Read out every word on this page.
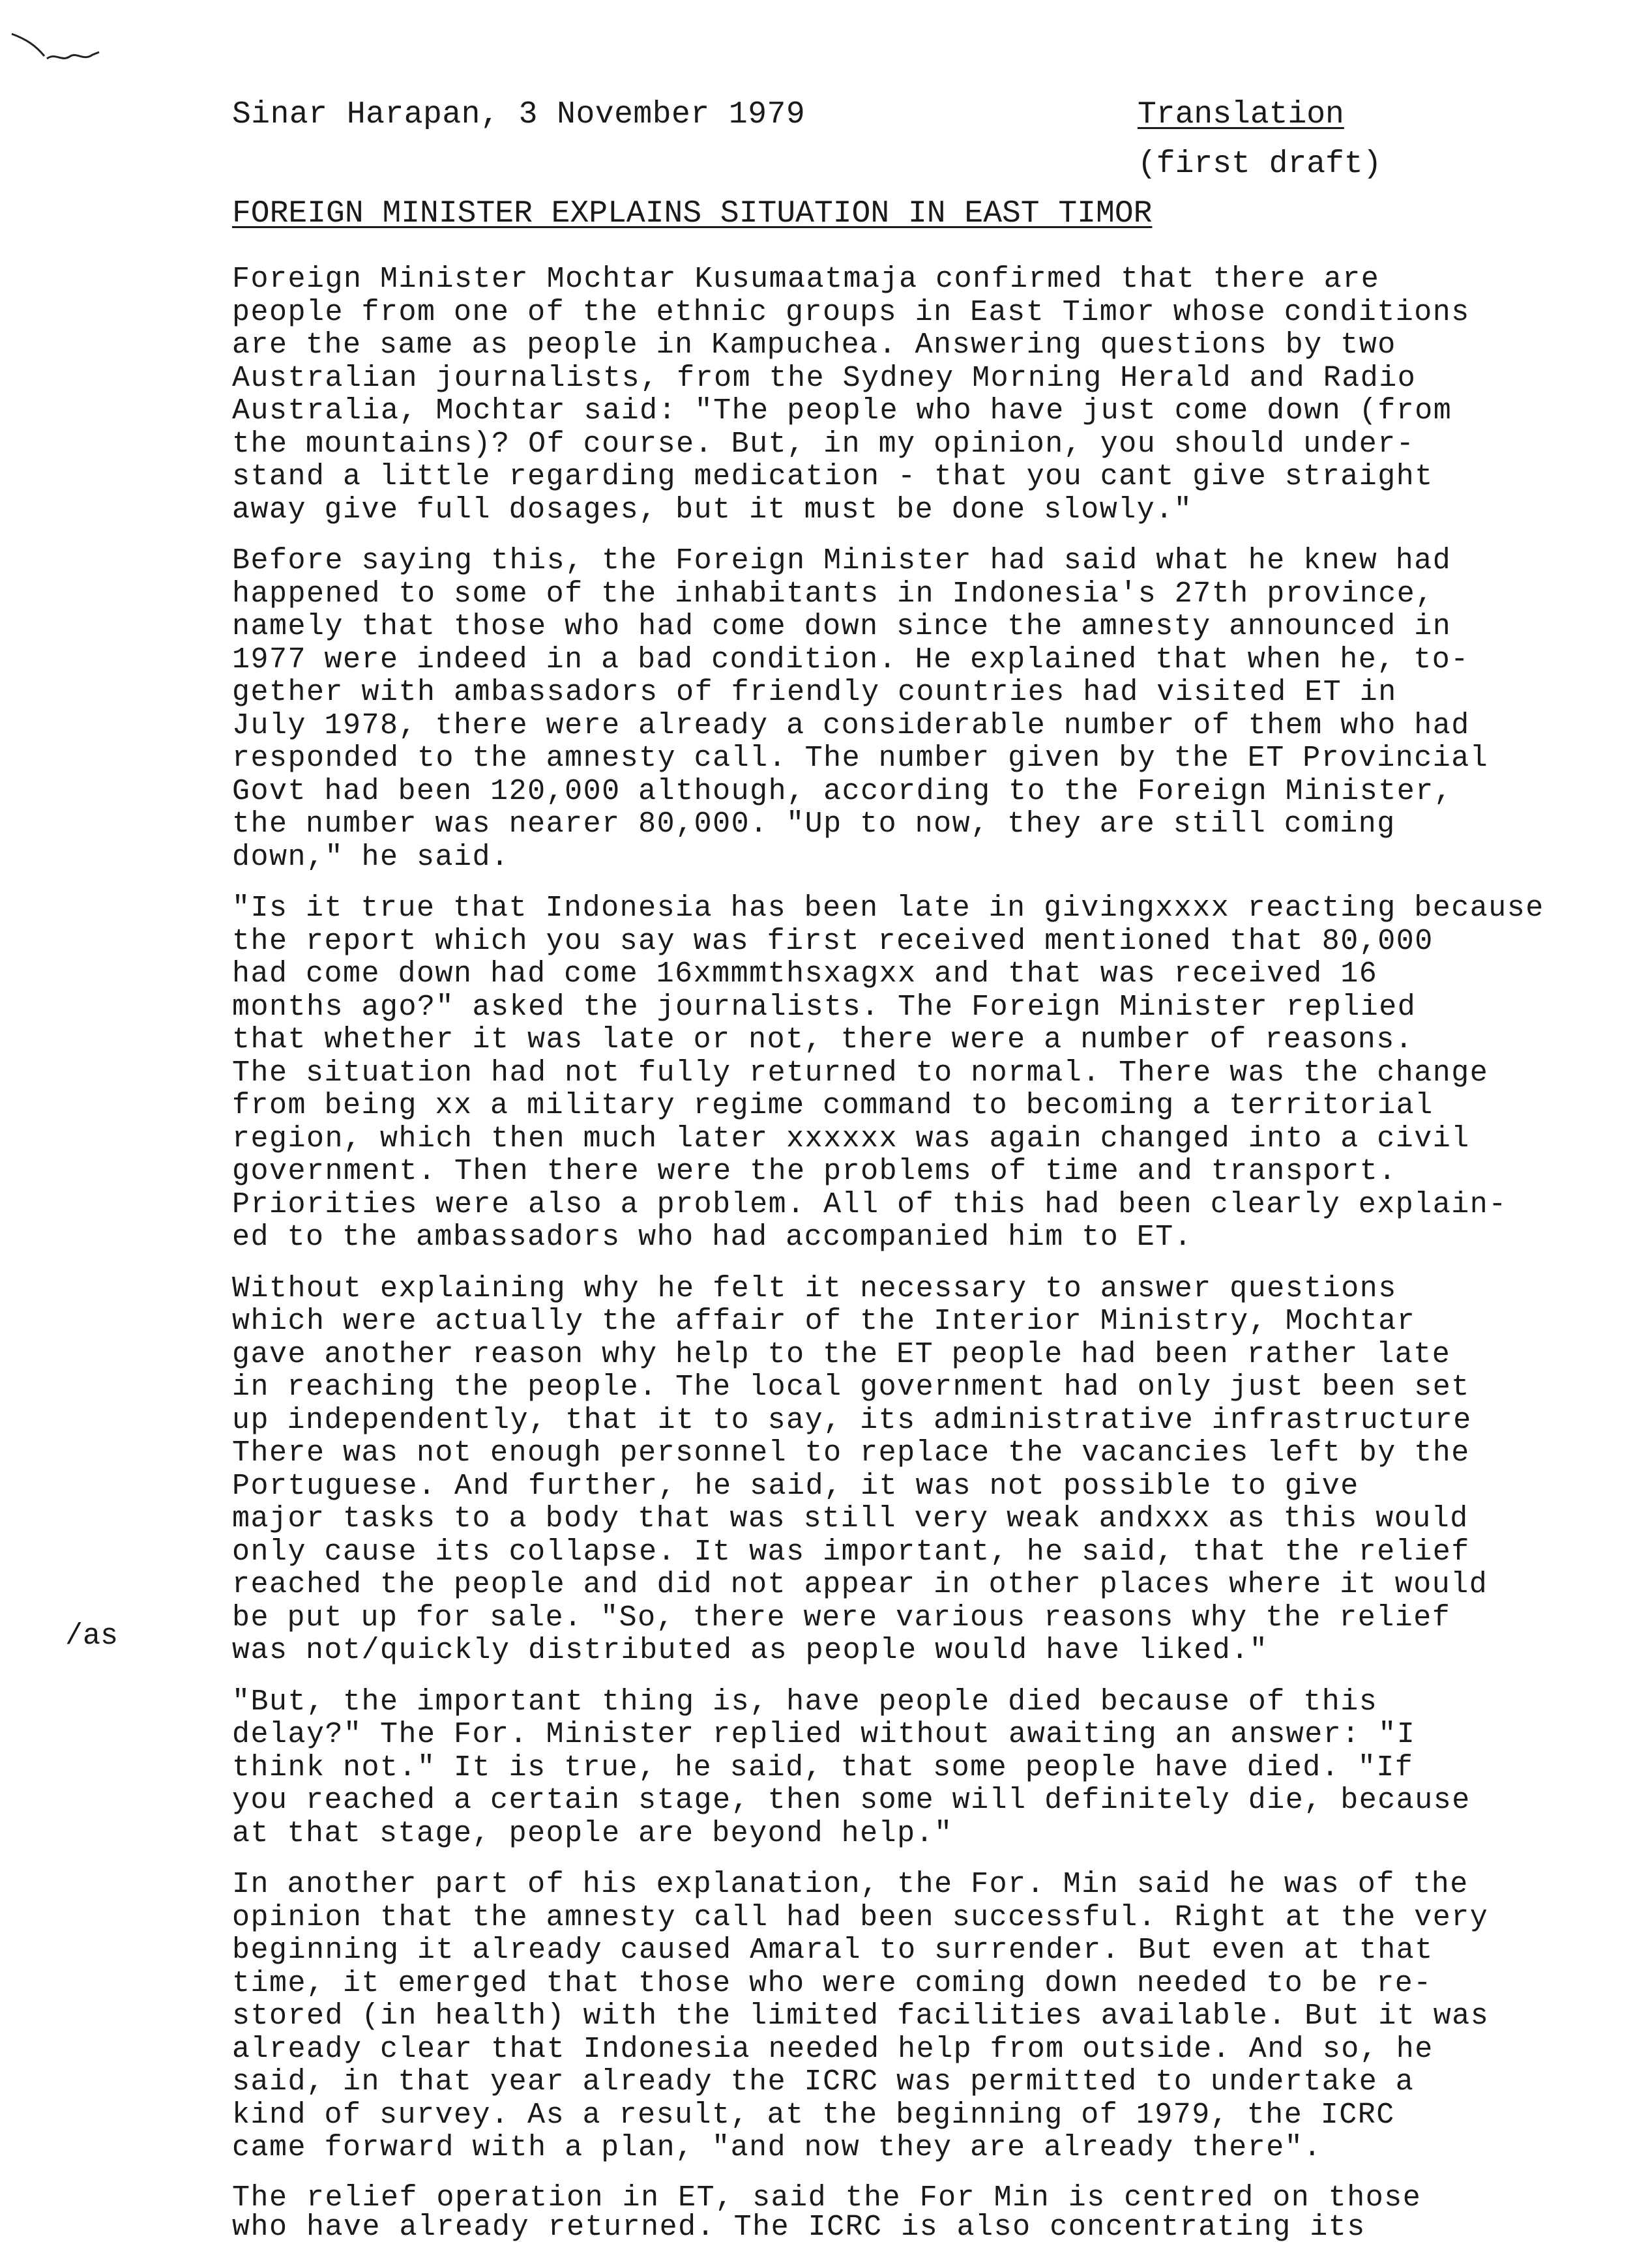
Sinar Harapan, 3 November 1979	Translation
(first draft)
FOREIGN MINISTER EXPLAINS SITUATION IN EAST TIMOR
/as

Foreign Minister Mochtar Kusumaatmaja confirmed that there are
people from one of the ethnic groups in East Timor whose conditions
are the same as people in Kampuchea. Answering questions by two
Australian journalists, from the Sydney Morning Herald and Radio
Australia, Mochtar said: "The people who have just come down (from
the mountains)? Of course. But, in my opinion, you should under-
stand a little regarding medication - that you cant give straight
away give full dosages, but it must be done slowly."

Before saying this, the Foreign Minister had said what he knew had
happened to some of the inhabitants in Indonesia's 27th province,
namely that those who had come down since the amnesty announced in
1977 were indeed in a bad condition. He explained that when he, to-
gether with ambassadors of friendly countries had visited ET in
July 1978, there were already a considerable number of them who had
responded to the amnesty call. The number given by the ET Provincial
Govt had been 120,000 although, according to the Foreign Minister,
the number was nearer 80,000. "Up to now, they are still coming
down," he said.

"Is it true that Indonesia has been late in givingxxxx reacting because
the report which you say was first received mentioned that 80,000
had come down had come 16xmmmthsxagxx and that was received 16
months ago?" asked the journalists. The Foreign Minister replied
that whether it was late or not, there were a number of reasons.
The situation had not fully returned to normal. There was the change
from being xx a military regime command to becoming a territorial
region, which then much later xxxxxx was again changed into a civil
government. Then there were the problems of time and transport.
Priorities were also a problem. All of this had been clearly explain-
ed to the ambassadors who had accompanied him to ET.

Without explaining why he felt it necessary to answer questions
which were actually the affair of the Interior Ministry, Mochtar
gave another reason why help to the ET people had been rather late
in reaching the people. The local government had only just been set
up independently, that it to say, its administrative infrastructure
There was not enough personnel to replace the vacancies left by the
Portuguese. And further, he said, it was not possible to give
major tasks to a body that was still very weak andxxx as this would
only cause its collapse. It was important, he said, that the relief
reached the people and did not appear in other places where it would
be put up for sale. "So, there were various reasons why the relief
was not/quickly distributed as people would have liked."

"But, the important thing is, have people died because of this
delay?" The For. Minister replied without awaiting an answer: "I
think not." It is true, he said, that some people have died. "If
you reached a certain stage, then some will definitely die, because
at that stage, people are beyond help."

In another part of his explanation, the For. Min said he was of the
opinion that the amnesty call had been successful. Right at the very
beginning it already caused Amaral to surrender. But even at that
time, it emerged that those who were coming down needed to be re-
stored (in health) with the limited facilities available. But it was
already clear that Indonesia needed help from outside. And so, he
said, in that year already the ICRC was permitted to undertake a
kind of survey. As a result, at the beginning of 1979, the ICRC
came forward with a plan, "and now they are already there".

The relief operation in ET, said the For Min is centred on those
who have already returned. The ICRC is also concentrating its
